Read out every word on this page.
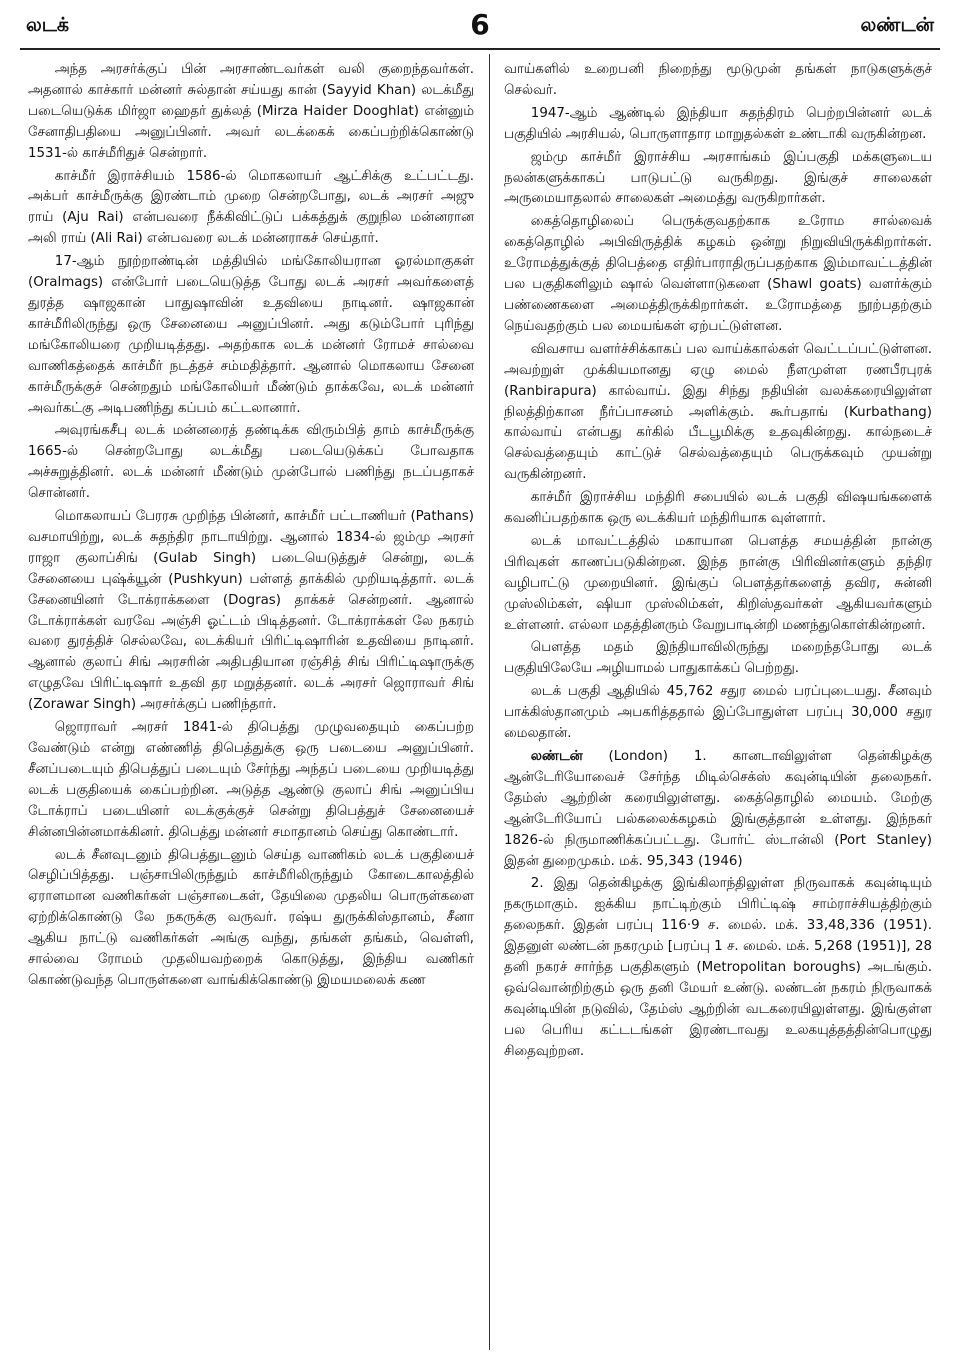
6
லடக்	லண்டன்

அந்த அரசர்க்குப் பின் அரசாண்டவர்கள் வலி குறைந்தவர்கள். அதனால் காச்கார் மன்னர் சுல்தான் சய்யது கான் (Sayyid Khan) லடக்மீது படையெடுக்க மிர்ஜா ஹைதர் துக்லத் (Mirza Haider Dooghlat) என்னும் சேனாதிபதியை அனுப்பினர். அவர் லடக்கைக் கைப்பற்றிக்கொண்டு 1531-ல் காச்மீரிதுச் சென்றார்.

காச்மீர் இராச்சியம் 1586-ல் மொகலாயர் ஆட்சிக்கு உட்பட்டது. அக்பர் காச்மீருக்கு இரண்டாம் முறை சென்றபோது, லடக் அரசர் அஜு ராய் (Aju Rai) என்பவரை நீக்கிவிட்டுப் பக்கத்துக் குறுநில மன்னரான அலி ராய் (Ali Rai) என்பவரை லடக் மன்னராகச் செய்தார்.

17-ஆம் நூற்றாண்டின் மத்தியில் மங்கோலியரான ஓரல்மாகுகள் (Oralmags) என்போர் படையெடுத்த போது லடக் அரசர் அவர்களைத் துரத்த ஷாஜகான் பாதுஷாவின் உதவியை நாடினர். ஷாஜகான் காச்மீரிலிருந்து ஒரு சேனையை அனுப்பினர். அது கடும்போர் புரிந்து மங்கோலியரை முறியடித்தது. அதற்காக லடக் மன்னர் ரோமச் சால்வை வாணிகத்தைக் காச்மீர் நடத்தச் சம்மதித்தார். ஆனால் மொகலாய சேனை காச்மீருக்குச் சென்றதும் மங்கோலியர் மீண்டும் தாக்கவே, லடக் மன்னர் அவர்கட்கு அடிபணிந்து கப்பம் கட்டலானார்.

அவுரங்கசீபு லடக் மன்னரைத் தண்டிக்க விரும்பித் தாம் காச்மீருக்கு 1665-ல் சென்றபோது லடக்மீது படையெடுக்கப் போவதாக அச்சுறுத்தினர். லடக் மன்னர் மீண்டும் முன்போல் பணிந்து நடப்பதாகச் சொன்னர்.

மொகலாயப் பேரரசு முறிந்த பின்னர், காச்மீர் பட்டாணியர் (Pathans) வசமாயிற்று, லடக் சுதந்திர நாடாயிற்று. ஆனால் 1834-ல் ஜம்மு அரசர் ராஜா குலாப்சிங் (Gulab Singh) படையெடுத்துச் சென்று, லடக் சேனையை புஷ்க்யூன் (Pushkyun) பள்ளத் தாக்கில் முறியடித்தார். லடக் சேனையினர் டோக்ராக்களை (Dogras) தாக்கச் சென்றனர். ஆனால் டோக்ராக்கள் வரவே அஞ்சி ஓட்டம் பிடித்தனர். டோக்ராக்கள் லே நகரம் வரை துரத்திச் செல்லவே, லடக்கியர் பிரிட்டிஷாரின் உதவியை நாடினர். ஆனால் குலாப் சிங் அரசரின் அதிபதியான ரஞ்சித் சிங் பிரிட்டிஷாருக்கு எழுதவே பிரிட்டிஷார் உதவி தர மறுத்தனர். லடக் அரசர் ஜொராவர் சிங் (Zorawar Singh) அரசர்க்குப் பணிந்தார்.

ஜொராவர் அரசர் 1841-ல் திபெத்து முழுவதையும் கைப்பற்ற வேண்டும் என்று எண்ணித் திபெத்துக்கு ஒரு படையை அனுப்பினர். சீனப்படையும் திபெத்துப் படையும் சேர்ந்து அந்தப் படையை முறியடித்து லடக் பகுதியைக் கைப்பற்றின. அடுத்த ஆண்டு குலாப் சிங் அனுப்பிய டோக்ராப் படையினர் லடக்குக்குச் சென்று திபெத்துச் சேனையைச் சின்னபின்னமாக்கினர். திபெத்து மன்னர் சமாதானம் செய்து கொண்டார்.

லடக் சீனவுடனும் திபெத்துடனும் செய்த வாணிகம் லடக் பகுதியைச் செழிப்பித்தது. பஞ்சாபிலிருந்தும் காச்மீரிலிருந்தும் கோடைகாலத்தில் ஏராளமான வணிகர்கள் பஞ்சாடைகள், தேயிலை முதலிய பொருள்களை ஏற்றிக்கொண்டு லே நகருக்கு வருவர். ரஷ்ய துருக்கிஸ்தானம், சீனா ஆகிய நாட்டு வணிகர்கள் அங்கு வந்து, தங்கள் தங்கம், வெள்ளி, சால்வை ரோமம் முதலியவற்றைக் கொடுத்து, இந்திய வணிகர் கொண்டுவந்த பொருள்களை வாங்கிக்கொண்டு இமயமலைக் கண

வாய்களில் உறைபனி நிறைந்து மூடுமுன் தங்கள் நாடுகளுக்குச் செல்வர்.

1947-ஆம் ஆண்டில் இந்தியா சுதந்திரம் பெற்றபின்னர் லடக் பகுதியில் அரசியல், பொருளாதார மாறுதல்கள் உண்டாகி வருகின்றன.

ஜம்மு காச்மீர் இராச்சிய அரசாங்கம் இப்பகுதி மக்களுடைய நலன்களுக்காகப் பாடுபட்டு வருகிறது. இங்குச் சாலைகள் அருமையாதலால் சாலைகள் அமைத்து வருகிறார்கள்.

கைத்தொழிலைப் பெருக்குவதற்காக உரோம சால்வைக் கைத்தொழில் அபிவிருத்திக் கழகம் ஒன்று நிறுவியிருக்கிறார்கள். உரோமத்துக்குத் திபெத்தை எதிர்பாராதிருப்பதற்காக இம்மாவட்டத்தின் பல பகுதிகளிலும் ஷால் வெள்ளாடுகளை (Shawl goats) வளர்க்கும் பண்ணைகளை அமைத்திருக்கிறார்கள். உரோமத்தை நூற்பதற்கும் நெய்வதற்கும் பல மையங்கள் ஏற்பட்டுள்ளன.

விவசாய வளர்ச்சிக்காகப் பல வாய்க்கால்கள் வெட்டப்பட்டுள்ளன. அவற்றுள் முக்கியமானது ஏழு மைல் நீளமுள்ள ரணபீரபுரக் (Ranbirapura) கால்வாய். இது சிந்து நதியின் வலக்கரையிலுள்ள நிலத்திற்கான நீர்ப்பாசனம் அளிக்கும். கூர்பதாங் (Kurbathang) கால்வாய் என்பது கர்கில் பீடபூமிக்கு உதவுகின்றது. கால்நடைச் செல்வத்தையும் காட்டுச் செல்வத்தையும் பெருக்கவும் முயன்று வருகின்றனர்.

காச்மீர் இராச்சிய மந்திரி சபையில் லடக் பகுதி விஷயங்களைக் கவனிப்பதற்காக ஒரு லடக்கியர் மந்திரியாக வுள்ளார்.

லடக் மாவட்டத்தில் மகாயான பௌத்த சமயத்தின் நான்கு பிரிவுகள் காணப்படுகின்றன. இந்த நான்கு பிரிவினர்களும் தந்திர வழிபாட்டு முறையினர். இங்குப் பௌத்தர்களைத் தவிர, சுன்னி முஸ்லிம்கள், ஷியா முஸ்லிம்கள், கிறிஸ்தவர்கள் ஆகியவர்களும் உள்ளனர். எல்லா மதத்தினரும் வேறுபாடின்றி மணந்துகொள்கின்றனர்.

பௌத்த மதம் இந்தியாவிலிருந்து மறைந்தபோது லடக் பகுதியிலேயே அழியாமல் பாதுகாக்கப் பெற்றது.

லடக் பகுதி ஆதியில் 45,762 சதுர மைல் பரப்புடையது. சீனவும் பாக்கிஸ்தானமும் அபகரித்ததால் இப்போதுள்ள பரப்பு 30,000 சதுர மைலதான்.

லண்டன் (London) 1. கானடாவிலுள்ள தென்கிழக்கு ஆன்டேரியோவைச் சேர்ந்த மிடில்செக்ஸ் கவுன்டியின் தலைநகர். தேம்ஸ் ஆற்றின் கரையிலுள்ளது. கைத்தொழில் மையம். மேற்கு ஆன்டேரியோப் பல்கலைக்கழகம் இங்குத்தான் உள்ளது. இந்நகர் 1826-ல் நிருமாணிக்கப்பட்டது. போர்ட் ஸ்டான்லி (Port Stanley) இதன் துறைமுகம். மக். 95,343 (1946)

2. இது தென்கிழக்கு இங்கிலாந்திலுள்ள நிருவாகக் கவுன்டியும் நகருமாகும். ஐக்கிய நாட்டிற்கும் பிரிட்டிஷ் சாம்ராச்சியத்திற்கும் தலைநகர். இதன் பரப்பு 116·9 ச. மைல். மக். 33,48,336 (1951). இதனுள் லண்டன் நகரமும் [பரப்பு 1 ச. மைல். மக். 5,268 (1951)], 28 தனி நகரச் சார்ந்த பகுதிகளும் (Metropolitan boroughs) அடங்கும். ஒவ்வொன்றிற்கும் ஒரு தனி மேயர் உண்டு. லண்டன் நகரம் நிருவாகக் கவுன்டியின் நடுவில், தேம்ஸ் ஆற்றின் வடகரையிலுள்ளது. இங்குள்ள பல பெரிய கட்டடங்கள் இரண்டாவது உலகயுத்தத்தின்பொழுது சிதைவுற்றன.
